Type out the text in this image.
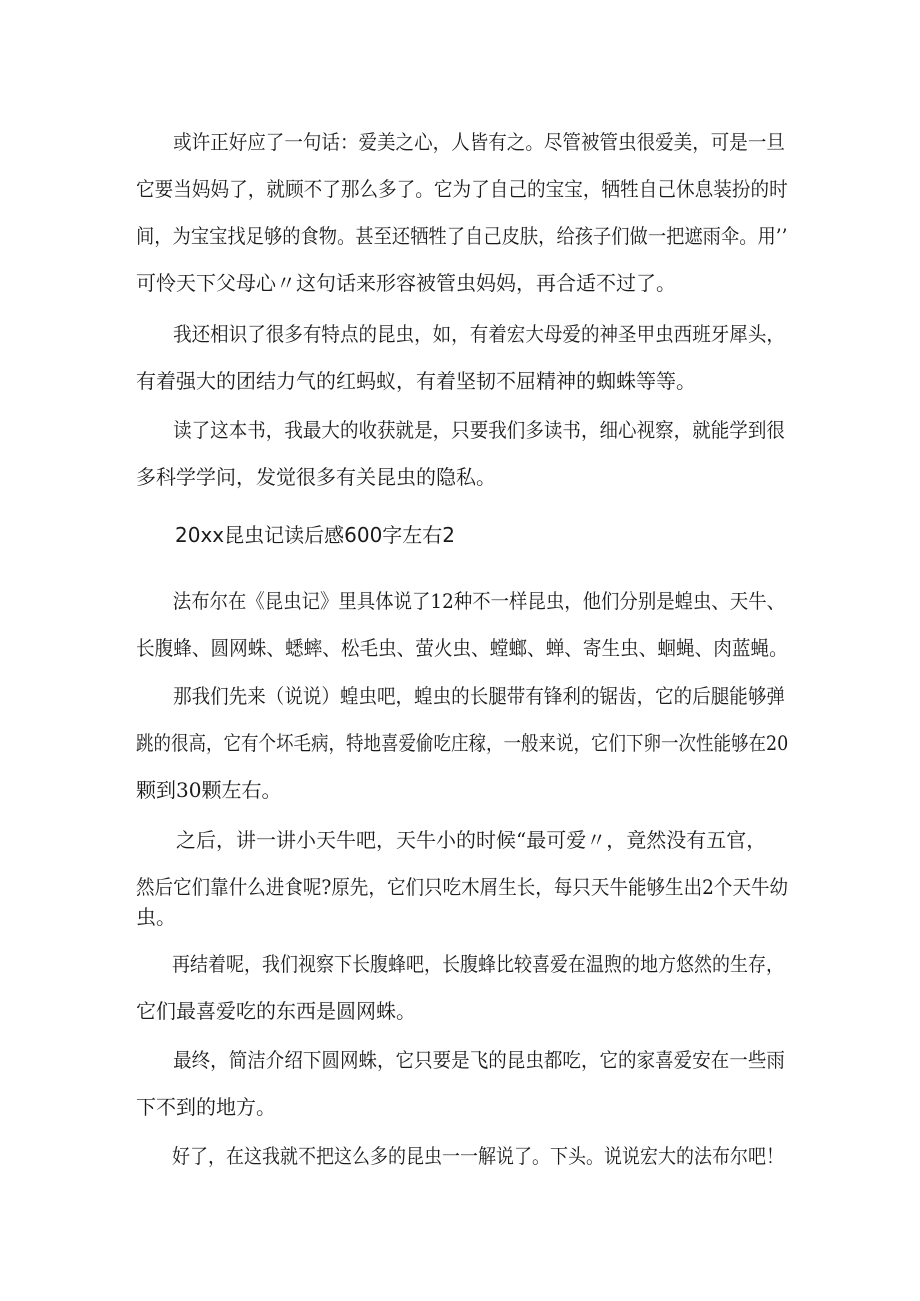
或许正好应了一句话：爱美之心，人皆有之。尽管被管虫很爱美，可是一旦
它要当妈妈了，就顾不了那么多了。它为了自己的宝宝，牺牲自己休息装扮的时
间，为宝宝找足够的食物。甚至还牺牲了自己皮肤，给孩子们做一把遮雨伞。用’’
可怜天下父母心〃这句话来形容被管虫妈妈，再合适不过了。
我还相识了很多有特点的昆虫，如，有着宏大母爱的神圣甲虫西班牙犀头，
有着强大的团结力气的红蚂蚁，有着坚韧不屈精神的蜘蛛等等。
读了这本书，我最大的收获就是，只要我们多读书，细心视察，就能学到很
多科学学问，发觉很多有关昆虫的隐私。
20xx昆虫记读后感600字左右2
法布尔在《昆虫记》里具体说了12种不一样昆虫，他们分别是蝗虫、天牛、
长腹蜂、圆网蛛、蟋蟀、松毛虫、萤火虫、螳螂、蝉、寄生虫、蛔蝇、肉蓝蝇。
那我们先来（说说）蝗虫吧，蝗虫的长腿带有锋利的锯齿，它的后腿能够弹
跳的很高，它有个坏毛病，特地喜爱偷吃庄稼，一般来说，它们下卵一次性能够在20
颗到30颗左右。
之后，讲一讲小天牛吧，天牛小的时候“最可爱〃，竟然没有五官，
然后它们靠什么进食呢?原先，它们只吃木屑生长，每只天牛能够生出2个天牛幼
虫。
再结着呢，我们视察下长腹蜂吧，长腹蜂比较喜爱在温煦的地方悠然的生存，
它们最喜爱吃的东西是圆网蛛。
最终，简洁介绍下圆网蛛，它只要是飞的昆虫都吃，它的家喜爱安在一些雨
下不到的地方。
好了，在这我就不把这么多的昆虫一一解说了。下头。说说宏大的法布尔吧！
